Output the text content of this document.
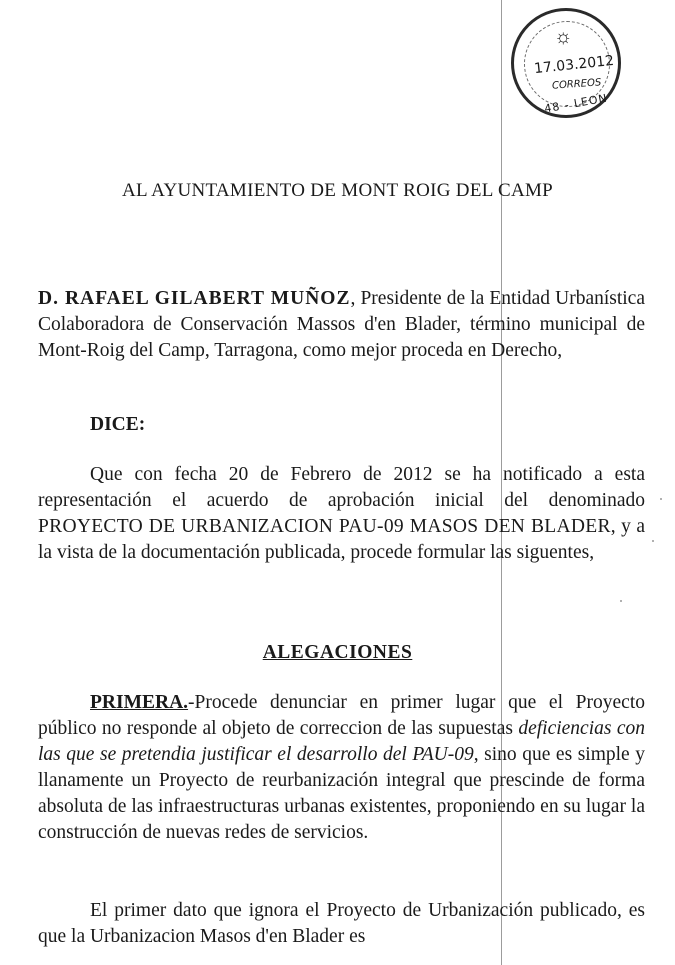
☼
17.03.2012
CORREOS
48 - LEON
AL AYUNTAMIENTO DE MONT ROIG DEL CAMP

D. RAFAEL GILABERT MUÑOZ, Presidente de la Entidad Urbanística Colaboradora de Conservación Massos d'en Blader, término municipal de Mont-Roig del Camp, Tarragona, como mejor proceda en Derecho,

DICE:

Que con fecha 20 de Febrero de 2012 se ha notificado a esta representación el acuerdo de aprobación inicial del denominado PROYECTO DE URBANIZACION PAU-09 MASOS DEN BLADER, y a la vista de la documentación publicada, procede formular las siguentes,

ALEGACIONES

PRIMERA.-Procede denunciar en primer lugar que el Proyecto público no responde al objeto de correccion de las supuestas deficiencias con las que se pretendia justificar el desarrollo del PAU-09, sino que es simple y llanamente un Proyecto de reurbanización integral que prescinde de forma absoluta de las infraestructuras urbanas existentes, proponiendo en su lugar la construcción de nuevas redes de servicios.

El primer dato que ignora el Proyecto de Urbanización publicado, es que la Urbanizacion Masos d'en Blader es
